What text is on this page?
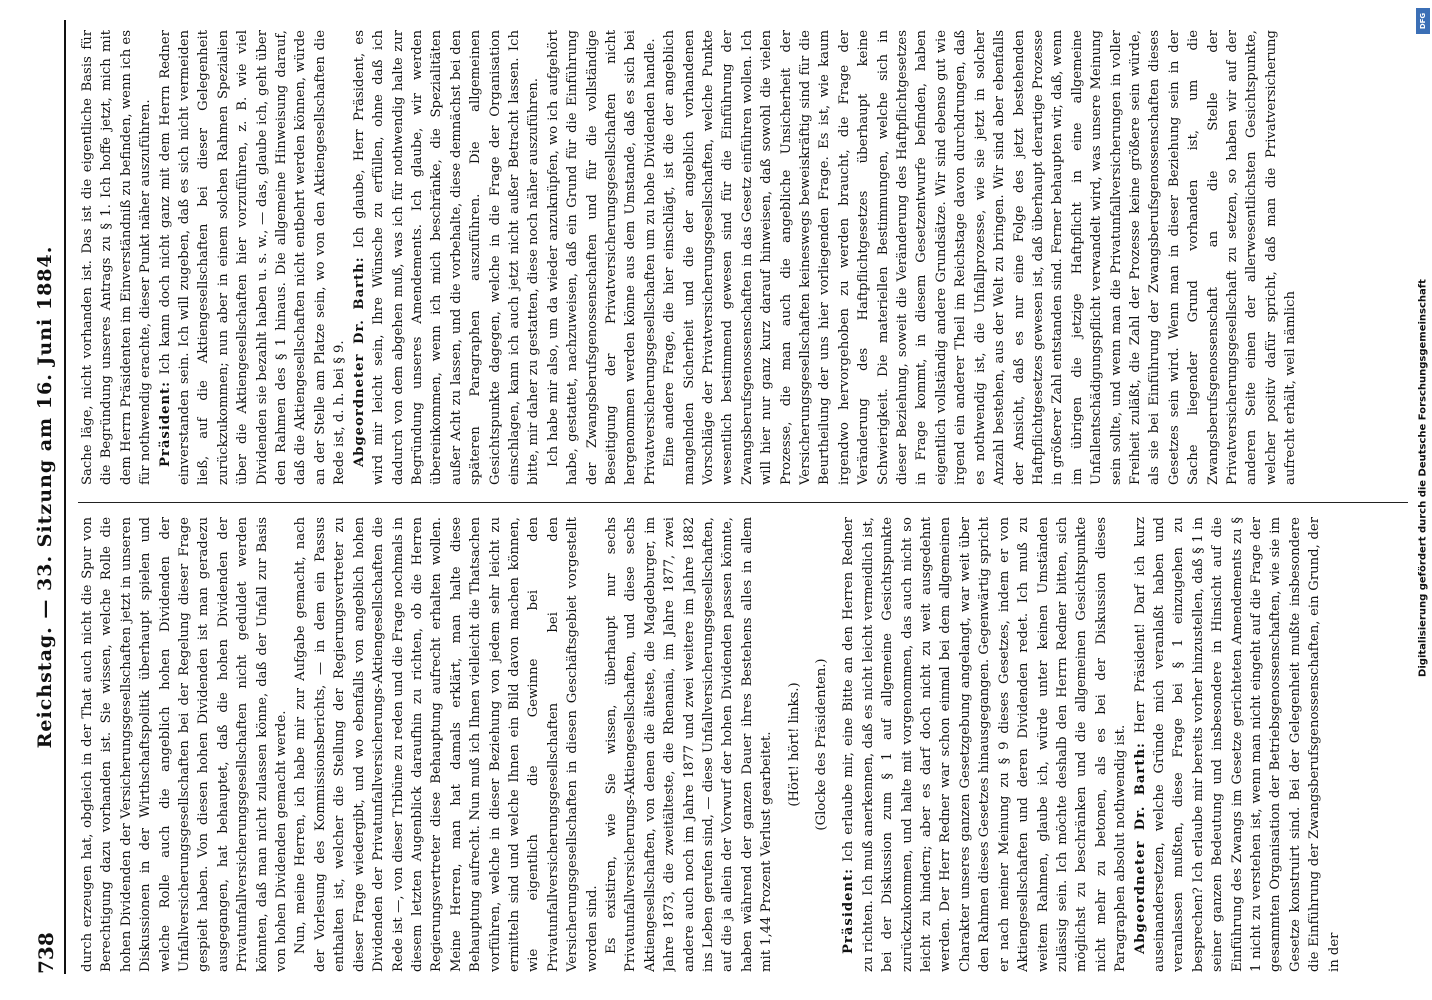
738
Reichstag. — 33. Sitzung am 16. Juni 1884. durch erzeugen hat, obgleich in der That auch nicht die Spur von Berechtigung dazu vorhanden ist. Sie wissen, welche Rolle die hohen Dividenden der Versicherungsgesellschaften jetzt in unseren Diskussionen in der Wirthschaftspolitik überhaupt spielen und welche Rolle auch die angeblich hohen Dividenden der Unfallversicherungsgesellschaften bei der Regelung dieser Frage gespielt haben. Von diesen hohen Dividenden ist man geradezu ausgegangen, hat behauptet, daß die hohen Dividenden der Privatunfallversicherungsgesellschaften nicht geduldet werden könnten, daß man nicht zulassen könne, daß der Unfall zur Basis von hohen Dividenden gemacht werde. Nun, meine Herren, ich habe mir zur Aufgabe gemacht, nach der Vorlesung des Kommissionsberichts, — in dem ein Passus enthalten ist, welcher die Stellung der Regierungsvertreter zu dieser Frage wiedergibt, und wo ebenfalls von angeblich hohen Dividenden der Privatunfallversicherungs-Aktiengesellschaften die Rede ist —, von dieser Tribüne zu reden und die Frage nochmals in diesem letzten Augenblick daraufhin zu richten, ob die Herren Regierungsvertreter diese Behauptung aufrecht erhalten wollen. Meine Herren, man hat damals erklärt, man halte diese Behauptung aufrecht. Nun muß ich Ihnen vielleicht die Thatsachen vorführen, welche in dieser Beziehung von jedem sehr leicht zu ermitteln sind und welche Ihnen ein Bild davon machen können, wie eigentlich die Gewinne bei den Privatunfallversicherungsgesellschaften bei den Versicherungsgesellschaften in diesen Geschäftsgebiet vorgestellt worden sind. Es existiren, wie Sie wissen, überhaupt nur sechs Privatunfallversicherungs-Aktiengesellschaften, und diese sechs Aktiengesellschaften, von denen die älteste, die Magdeburger, im Jahre 1873, die zweitälteste, die Rhenania, im Jahre 1877, zwei andere auch noch im Jahre 1877 und zwei weitere im Jahre 1882 ins Leben gerufen sind, — diese Unfallversicherungsgesellschaften, auf die ja allein der Vorwurf der hohen Dividenden passen könnte, haben während der ganzen Dauer ihres Bestehens alles in allem mit 1,44 Prozent Verlust gearbeitet. (Hört! hört! links.) (Glocke des Präsidenten.)

Präsident: Ich erlaube mir, eine Bitte an den Herren Redner zu richten. Ich muß anerkennen, daß es nicht leicht vermeidlich ist, bei der Diskussion zum § 1 auf allgemeine Gesichtspunkte zurückzukommen, und halte mit vorgenommen, das auch nicht so leicht zu hindern; aber es darf doch nicht zu weit ausgedehnt werden. Der Herr Redner war schon einmal bei dem allgemeinen Charakter unseres ganzen Gesetzgebung angelangt, war weit über den Rahmen dieses Gesetzes hinausgegangen. Gegenwärtig spricht er nach meiner Meinung zu § 9 dieses Gesetzes, indem er von Aktiengesellschaften und deren Dividenden redet. Ich muß zu weitem Rahmen, glaube ich, würde unter keinen Umständen zulässig sein. Ich möchte deshalb den Herrn Redner bitten, sich möglichst zu beschränken und die allgemeinen Gesichtspunkte nicht mehr zu betonen, als es bei der Diskussion dieses Paragraphen absolut nothwendig ist. Abgeordneter Dr. Barth: Herr Präsident! Darf ich kurz auseinandersetzen, welche Gründe mich veranlaßt haben und veranlassen mußten, diese Frage bei § 1 einzugehen zu besprechen? Ich erlaube mir bereits vorher hinzustellen, daß § 1 in seiner ganzen Bedeutung und insbesondere in Hinsicht auf die Einführung des Zwangs im Gesetze gerichteten Amendements zu § 1 nicht zu verstehen ist, wenn man nicht eingeht auf die Frage der gesammten Organisation der Betriebsgenossenschaften, wie sie im Gesetze konstruirt sind. Bei der Gelegenheit mußte insbesondere die Einführung der Zwangsberufsgenossenschaften, ein Grund, der in der

Sache läge, nicht vorhanden ist. Das ist die eigentliche Basis für die Begründung unseres Antrags zu § 1. Ich hoffe jetzt, mich mit dem Herrn Präsidenten im Einverständniß zu befinden, wenn ich es für nothwendig erachte, dieser Punkt näher auszuführen. Präsident: Ich kann doch nicht ganz mit dem Herrn Redner einverstanden sein. Ich will zugeben, daß es sich nicht vermeiden ließ, auf die Aktiengesellschaften bei dieser Gelegenheit zurückzukommen; nun aber in einem solchen Rahmen Spezialien über die Aktiengesellschaften hier vorzuführen, z. B. wie viel Dividenden sie bezahlt haben u. s. w., — das, glaube ich, geht über den Rahmen des § 1 hinaus. Die allgemeine Hinweisung darauf, daß die Aktiengesellschaften nicht entbehrt werden können, würde an der Stelle am Platze sein, wo von den Aktiengesellschaften die Rede ist, d. h. bei § 9. Abgeordneter Dr. Barth: Ich glaube, Herr Präsident, es wird mir leicht sein, Ihre Wünsche zu erfüllen, ohne daß ich dadurch von dem abgehen muß, was ich für nothwendig halte zur Begründung unseres Amendements. Ich glaube, wir werden übereinkommen, wenn ich mich beschränke, die Spezialitäten außer Acht zu lassen, und die vorbehalte, diese demnächst bei den späteren Paragraphen auszuführen. Die allgemeinen Gesichtspunkte dagegen, welche in die Frage der Organisation einschlagen, kann ich auch jetzt nicht außer Betracht lassen. Ich bitte, mir daher zu gestatten, diese noch näher auszuführen. Ich habe mir also, um da wieder anzuknüpfen, wo ich aufgehört habe, gestattet, nachzuweisen, daß ein Grund für die Einführung der Zwangsberufsgenossenschaften und für die vollständige Beseitigung der Privatversicherungsgesellschaften nicht hergenommen werden könne aus dem Umstande, daß es sich bei Privatversicherungsgesellschaften um zu hohe Dividenden handle. Eine andere Frage, die hier einschlägt, ist die der angeblich mangelnden Sicherheit und die der angeblich vorhandenen Vorschläge der Privatversicherungsgesellschaften, welche Punkte wesentlich bestimmend gewesen sind für die Einführung der Zwangsberufsgenossenschaften in das Gesetz einführen wollen. Ich will hier nur ganz kurz darauf hinweisen, daß sowohl die vielen Prozesse, die man auch die angebliche Unsicherheit der Versicherungsgesellschaften keineswegs beweiskräftig sind für die Beurtheilung der uns hier vorliegenden Frage. Es ist, wie kaum irgendwo hervorgehoben zu werden braucht, die Frage der Veränderung des Haftpflichtgesetzes überhaupt keine Schwierigkeit. Die materiellen Bestimmungen, welche sich in dieser Beziehung, soweit die Veränderung des Haftpflichtgesetzes in Frage kommt, in diesem Gesetzentwurfe befinden, haben eigentlich vollständig andere Grundsätze. Wir sind ebenso gut wie irgend ein anderer Theil im Reichstage davon durchdrungen, daß es nothwendig ist, die Unfallprozesse, wie sie jetzt in solcher Anzahl bestehen, aus der Welt zu bringen. Wir sind aber ebenfalls der Ansicht, daß es nur eine Folge des jetzt bestehenden Haftpflichtgesetzes gewesen ist, daß überhaupt derartige Prozesse in größerer Zahl entstanden sind. Ferner behaupten wir, daß, wenn im übrigen die jetzige Haftpflicht in eine allgemeine Unfallentschädigungspflicht verwandelt wird, was unsere Meinung sein sollte, und wenn man die Privatunfallversicherungen in voller Freiheit zuläßt, die Zahl der Prozesse keine größere sein würde, als sie bei Einführung der Zwangsberufsgenossenschaften dieses Gesetzes sein wird. Wenn man in dieser Beziehung sein in der Sache liegender Grund vorhanden ist, um die Zwangsberufsgenossenschaft an die Stelle der Privatversicherungsgesellschaft zu setzen, so haben wir auf der anderen Seite einen der allerwesentlichsten Gesichtspunkte, welcher positiv dafür spricht, daß man die Privatversicherung aufrecht erhält, weil nämlich

DFG
Digitalisierung gefördert durch die Deutsche Forschungsgemeinschaft
